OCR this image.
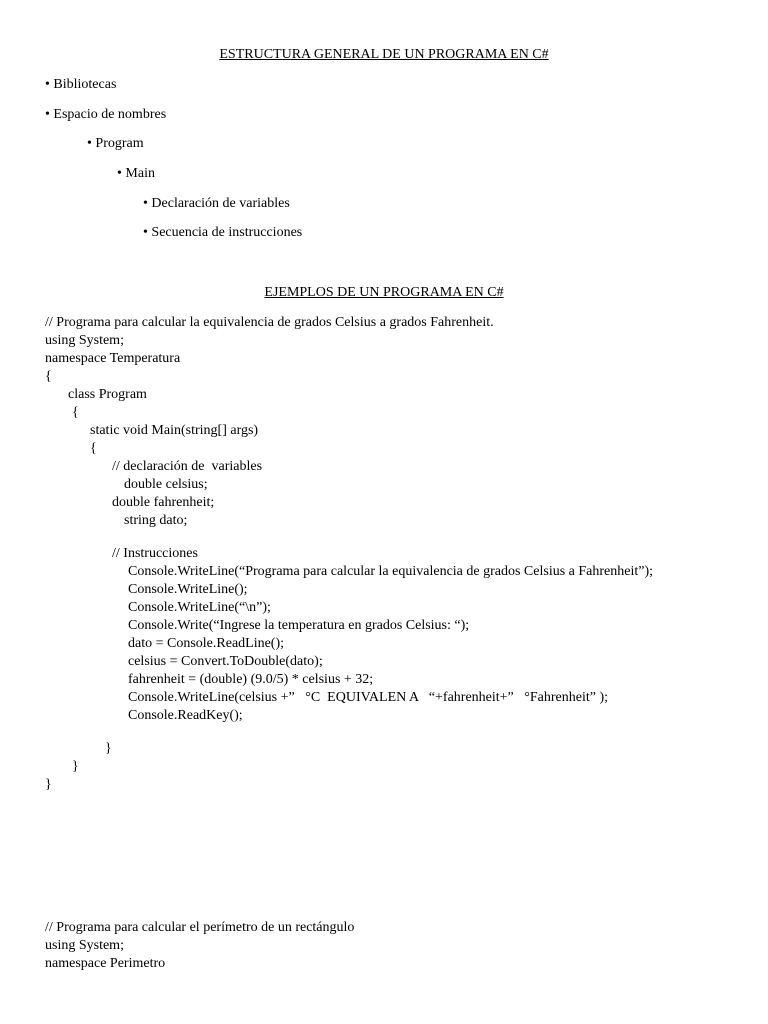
ESTRUCTURA GENERAL DE UN PROGRAMA EN C#
• Bibliotecas
• Espacio de nombres
• Program
• Main
• Declaración de variables
• Secuencia de instrucciones
EJEMPLOS DE UN PROGRAMA EN C#
// Programa para calcular la equivalencia de grados Celsius a grados Fahrenheit.
using System;
namespace Temperatura
{
class Program
{
static void Main(string[] args)
{
// declaración de  variables
double celsius;
double fahrenheit;
string dato;
// Instrucciones
Console.WriteLine(“Programa para calcular la equivalencia de grados Celsius a Fahrenheit”);
Console.WriteLine();
Console.WriteLine(“\n”);
Console.Write(“Ingrese la temperatura en grados Celsius: “);
dato = Console.ReadLine();
celsius = Convert.ToDouble(dato);
fahrenheit = (double) (9.0/5) * celsius + 32;
Console.WriteLine(celsius +”   °C  EQUIVALEN A   “+fahrenheit+”   °Fahrenheit” );
Console.ReadKey();
}
}
}
// Programa para calcular el perímetro de un rectángulo
using System;
namespace Perimetro
